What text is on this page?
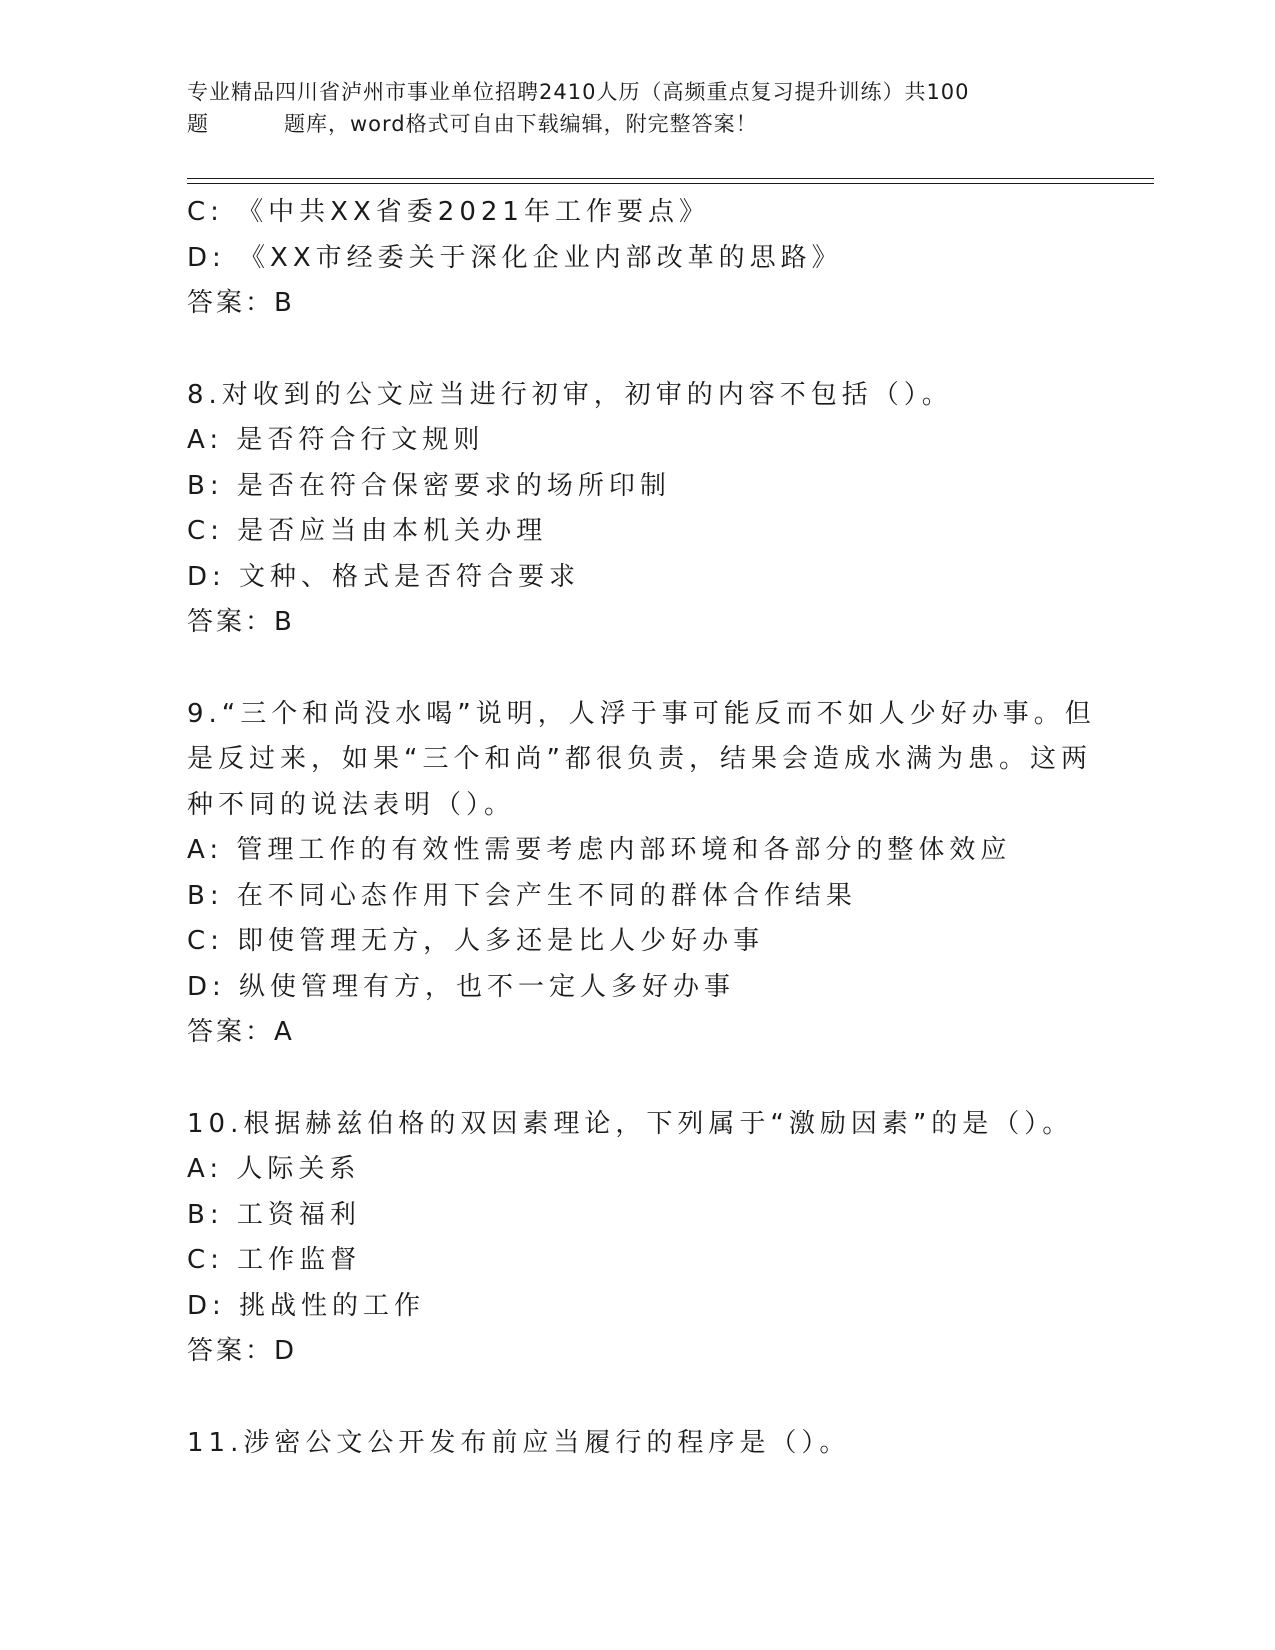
专业精品四川省泸州市事业单位招聘2410人历（高频重点复习提升训练）共100
题	题库，word格式可自由下载编辑，附完整答案！
C: 《中共XX省委2021年工作要点》
D: 《XX市经委关于深化企业内部改革的思路》
答案：B
8.对收到的公文应当进行初审，初审的内容不包括（）。
A: 是否符合行文规则
B: 是否在符合保密要求的场所印制
C: 是否应当由本机关办理
D: 文种、格式是否符合要求
答案：B
9.“三个和尚没水喝”说明，人浮于事可能反而不如人少好办事。但
是反过来，如果“三个和尚”都很负责，结果会造成水满为患。这两
种不同的说法表明（）。
A: 管理工作的有效性需要考虑内部环境和各部分的整体效应
B: 在不同心态作用下会产生不同的群体合作结果
C: 即使管理无方，人多还是比人少好办事
D: 纵使管理有方，也不一定人多好办事
答案：A
10.根据赫兹伯格的双因素理论，下列属于“激励因素”的是（）。
A: 人际关系
B: 工资福利
C: 工作监督
D: 挑战性的工作
答案：D
11.涉密公文公开发布前应当履行的程序是（）。
